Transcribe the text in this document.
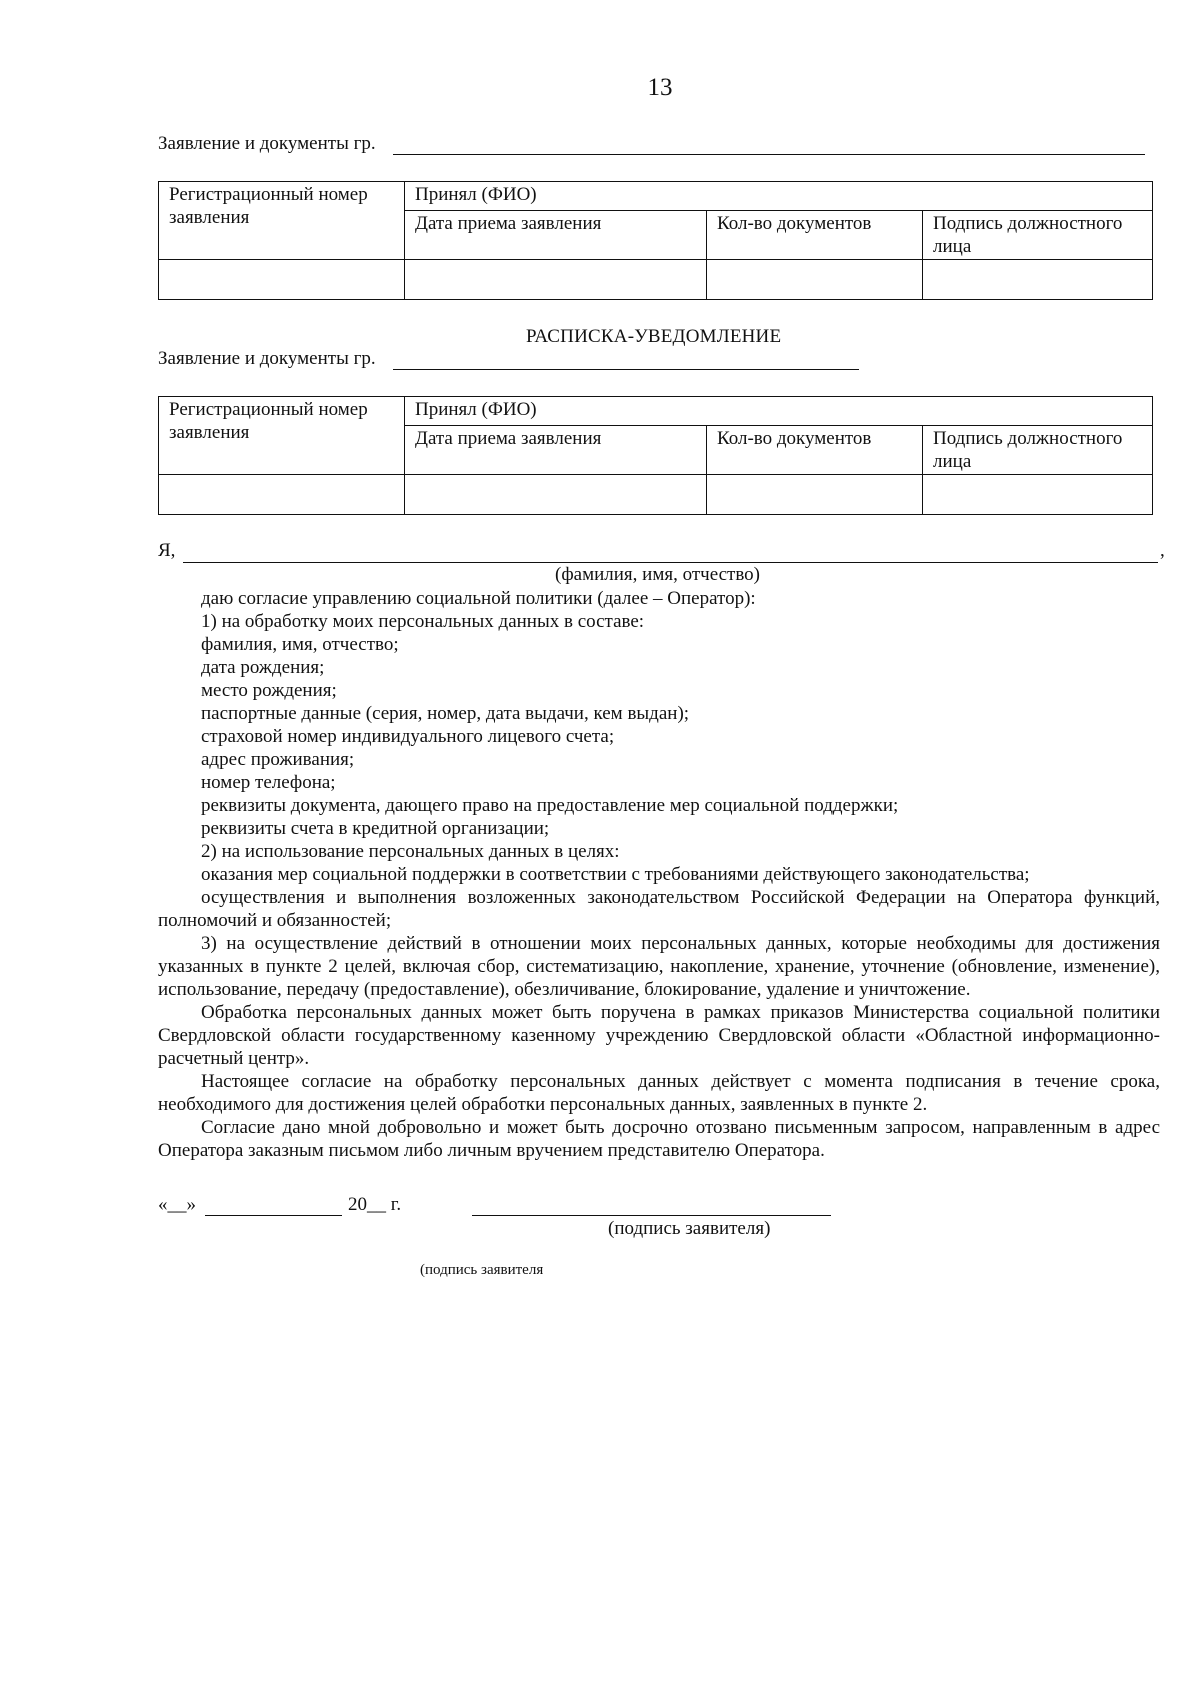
13
Заявление и документы гр.
Регистрационный номер заявления	Принял (ФИО)		
	Дата приема заявления	Кол-во документов	Подпись должностного лица

РАСПИСКА-УВЕДОМЛЕНИЕ
Заявление и документы гр.
Регистрационный номер заявления	Принял (ФИО)		
	Дата приема заявления	Кол-во документов	Подпись должностного лица

Я,	,
(фамилия, имя, отчество)

даю согласие управлению социальной политики (далее – Оператор):

1) на обработку моих персональных данных в составе:

фамилия, имя, отчество;

дата рождения;

место рождения;

паспортные данные (серия, номер, дата выдачи, кем выдан);

страховой номер индивидуального лицевого счета;

адрес проживания;

номер телефона;

реквизиты документа, дающего право на предоставление мер социальной поддержки;

реквизиты счета в кредитной организации;

2) на использование персональных данных в целях:

оказания мер социальной поддержки в соответствии с требованиями действующего законодательства;

осуществления и выполнения возложенных законодательством Российской Федерации на Оператора функций, полномочий и обязанностей;

3) на осуществление действий в отношении моих персональных данных, которые необходимы для достижения указанных в пункте 2 целей, включая сбор, систематизацию, накопление, хранение, уточнение (обновление, изменение), использование, передачу (предоставление), обезличивание, блокирование, удаление и уничтожение.

Обработка персональных данных может быть поручена в рамках приказов Министерства социальной политики Свердловской области государственному казенному учреждению Свердловской области «Областной информационно-расчетный центр».

Настоящее согласие на обработку персональных данных действует с момента подписания в течение срока, необходимого для достижения целей обработки персональных данных, заявленных в пункте 2.

Согласие дано мной добровольно и может быть досрочно отозвано письменным запросом, направленным в адрес Оператора заказным письмом либо личным вручением представителю Оператора.

«__»	20__ г.
(подпись заявителя)
(подпись заявителя
